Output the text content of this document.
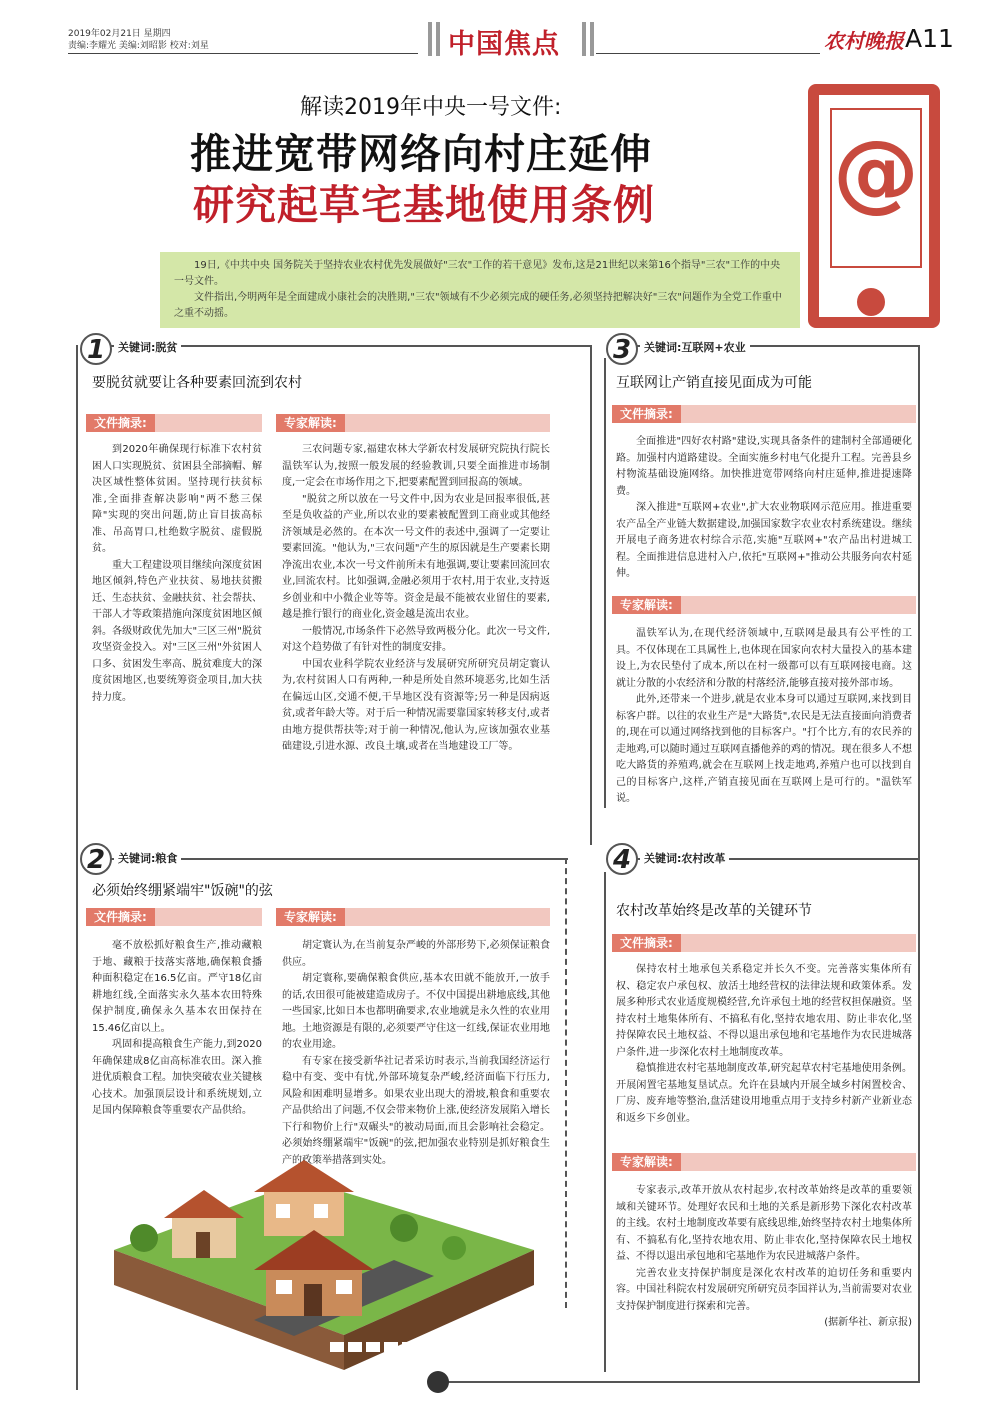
2019年02月21日 星期四
责编:李耀光 美编:刘昭影 校对:刘星	中国焦点	农村晚报 A11
解读2019年中央一号文件:
推进宽带网络向村庄延伸
研究起草宅基地使用条例 @

19日,《中共中央 国务院关于坚持农业农村优先发展做好"三农"工作的若干意见》发布,这是21世纪以来第16个指导"三农"工作的中央一号文件。

文件指出,今明两年是全面建成小康社会的决胜期,"三农"领域有不少必须完成的硬任务,必须坚持把解决好"三农"问题作为全党工作重中之重不动摇。

1	关键词:脱贫
要脱贫就要让各种要素回流到农村
文件摘录:	专家解读:

到2020年确保现行标准下农村贫困人口实现脱贫、贫困县全部摘帽、解决区域性整体贫困。坚持现行扶贫标准,全面排查解决影响"两不愁三保障"实现的突出问题,防止盲目拔高标准、吊高胃口,杜绝数字脱贫、虚假脱贫。

重大工程建设项目继续向深度贫困地区倾斜,特色产业扶贫、易地扶贫搬迁、生态扶贫、金融扶贫、社会帮扶、干部人才等政策措施向深度贫困地区倾斜。各级财政优先加大"三区三州"脱贫攻坚资金投入。对"三区三州"外贫困人口多、贫困发生率高、脱贫难度大的深度贫困地区,也要统筹资金项目,加大扶持力度。

三农问题专家,福建农林大学新农村发展研究院执行院长温铁军认为,按照一般发展的经验教训,只要全面推进市场制度,一定会在市场作用之下,把要素配置到回报高的领域。

"脱贫之所以放在一号文件中,因为农业是回报率很低,甚至是负收益的产业,所以农业的要素被配置到工商业或其他经济领域是必然的。在本次一号文件的表述中,强调了一定要让要素回流。"他认为,"三农问题"产生的原因就是生产要素长期净流出农业,本次一号文件前所未有地强调,要让要素回流回农业,回流农村。比如强调,金融必须用于农村,用于农业,支持返乡创业和中小微企业等等。资金是最不能被农业留住的要素,越是推行银行的商业化,资金越是流出农业。

一般情况,市场条件下必然导致两极分化。此次一号文件,对这个趋势做了有针对性的制度安排。

中国农业科学院农业经济与发展研究所研究员胡定寰认为,农村贫困人口有两种,一种是所处自然环境恶劣,比如生活在偏远山区,交通不便,干旱地区没有资源等;另一种是因病返贫,或者年龄大等。对于后一种情况需要靠国家转移支付,或者由地方提供帮扶等;对于前一种情况,他认为,应该加强农业基础建设,引进水源、改良土壤,或者在当地建设工厂等。

2	关键词:粮食
必须始终绷紧端牢"饭碗"的弦
文件摘录:	专家解读:

毫不放松抓好粮食生产,推动藏粮于地、藏粮于技落实落地,确保粮食播种面积稳定在16.5亿亩。严守18亿亩耕地红线,全面落实永久基本农田特殊保护制度,确保永久基本农田保持在15.46亿亩以上。

巩固和提高粮食生产能力,到2020年确保建成8亿亩高标准农田。深入推进优质粮食工程。加快突破农业关键核心技术。加强顶层设计和系统规划,立足国内保障粮食等重要农产品供给。

胡定寰认为,在当前复杂严峻的外部形势下,必须保证粮食供应。

胡定寰称,要确保粮食供应,基本农田就不能放开,一放手的话,农田很可能被建造成房子。不仅中国提出耕地底线,其他一些国家,比如日本也都明确要求,农业地就是永久性的农业用地。土地资源是有限的,必须要严守住这一红线,保证农业用地的农业用途。

有专家在接受新华社记者采访时表示,当前我国经济运行稳中有变、变中有忧,外部环境复杂严峻,经济面临下行压力,风险和困难明显增多。如果农业出现大的滑坡,粮食和重要农产品供给出了问题,不仅会带来物价上涨,使经济发展陷入增长下行和物价上行"双碾头"的被动局面,而且会影响社会稳定。必须始终绷紧端牢"饭碗"的弦,把加强农业特别是抓好粮食生产的政策举措落到实处。

3	关键词:互联网+农业
互联网让产销直接见面成为可能
文件摘录:

全面推进"四好农村路"建设,实现具备条件的建制村全部通硬化路。加强村内道路建设。全面实施乡村电气化提升工程。完善县乡村物流基础设施网络。加快推进宽带网络向村庄延伸,推进提速降费。

深入推进"互联网+农业",扩大农业物联网示范应用。推进重要农产品全产业链大数据建设,加强国家数字农业农村系统建设。继续开展电子商务进农村综合示范,实施"互联网+"农产品出村进城工程。全面推进信息进村入户,依托"互联网+"推动公共服务向农村延伸。

专家解读:

温铁军认为,在现代经济领域中,互联网是最具有公平性的工具。不仅体现在工具属性上,也体现在国家向农村大量投入的基本建设上,为农民垫付了成本,所以在村一级都可以有互联网接电商。这就让分散的小农经济和分散的村落经济,能够直接对接外部市场。

此外,还带来一个进步,就是农业本身可以通过互联网,来找到目标客户群。以往的农业生产是"大路货",农民是无法直接面向消费者的,现在可以通过网络找到他的目标客户。"打个比方,有的农民养的走地鸡,可以随时通过互联网直播他养的鸡的情况。现在很多人不想吃大路货的养殖鸡,就会在互联网上找走地鸡,养殖户也可以找到自己的目标客户,这样,产销直接见面在互联网上是可行的。"温铁军说。

4	关键词:农村改革
农村改革始终是改革的关键环节
文件摘录:

保持农村土地承包关系稳定并长久不变。完善落实集体所有权、稳定农户承包权、放活土地经营权的法律法规和政策体系。发展多种形式农业适度规模经营,允许承包土地的经营权担保融资。坚持农村土地集体所有、不搞私有化,坚持农地农用、防止非农化,坚持保障农民土地权益、不得以退出承包地和宅基地作为农民进城落户条件,进一步深化农村土地制度改革。

稳慎推进农村宅基地制度改革,研究起草农村宅基地使用条例。开展闲置宅基地复垦试点。允许在县域内开展全域乡村闲置校舍、厂房、废弃地等整治,盘活建设用地重点用于支持乡村新产业新业态和返乡下乡创业。

专家解读:

专家表示,改革开放从农村起步,农村改革始终是改革的重要领域和关键环节。处理好农民和土地的关系是新形势下深化农村改革的主线。农村土地制度改革要有底线思维,始终坚持农村土地集体所有、不搞私有化,坚持农地农用、防止非农化,坚持保障农民土地权益、不得以退出承包地和宅基地作为农民进城落户条件。

完善农业支持保护制度是深化农村改革的迫切任务和重要内容。中国社科院农村发展研究所研究员李国祥认为,当前需要对农业支持保护制度进行探索和完善。

(据新华社、新京报)
